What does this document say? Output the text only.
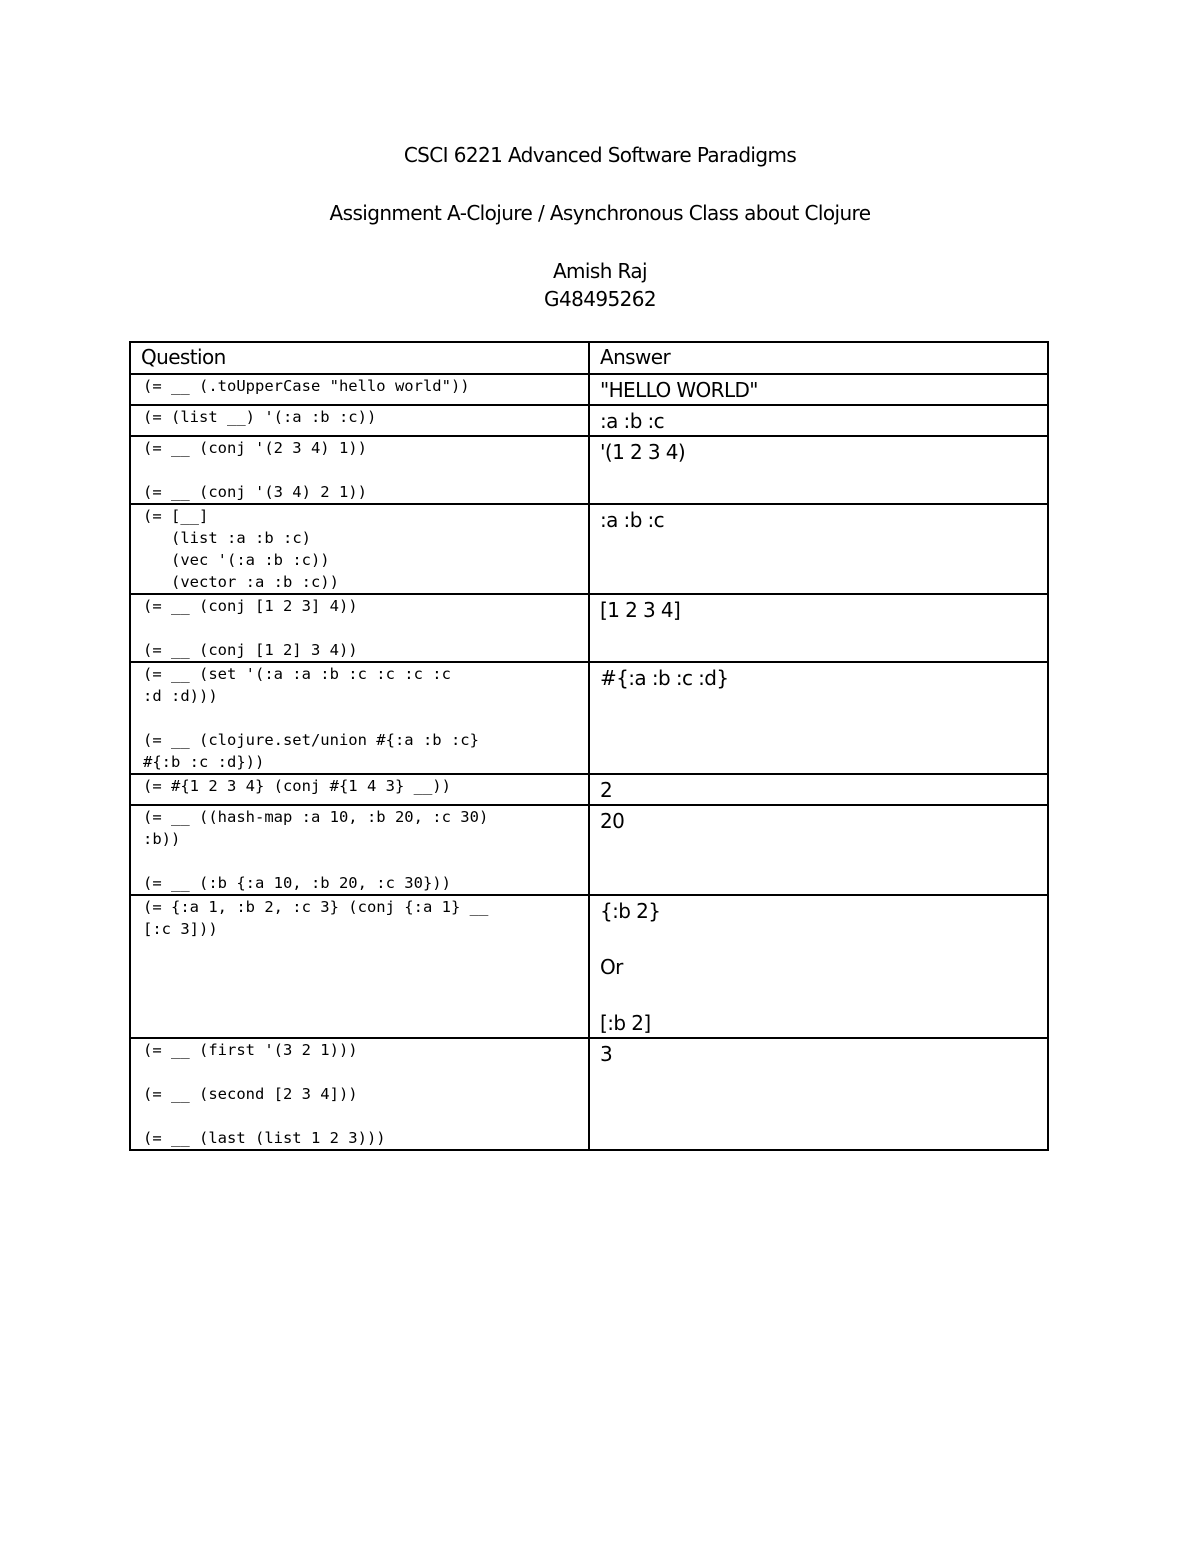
CSCI 6221 Advanced Software Paradigms
Assignment A-Clojure / Asynchronous Class about Clojure
Amish Raj
G48495262
Question	Answer

(= __ (.toUpperCase "hello world"))	"HELLO WORLD"

(= (list __) '(:a :b :c))	:a :b :c

(= __ (conj '(2 3 4) 1))
(= __ (conj '(3 4) 2 1))	'(1 2 3 4)

(= [__]
(list :a :b :c)
(vec '(:a :b :c))
(vector :a :b :c))	:a :b :c

(= __ (conj [1 2 3] 4))
(= __ (conj [1 2] 3 4))	[1 2 3 4]

(= __ (set '(:a :a :b :c :c :c :c
:d :d)))
(= __ (clojure.set/union #{:a :b :c}
#{:b :c :d}))	#{:a :b :c :d}

(= #{1 2 3 4} (conj #{1 4 3} __))	2

(= __ ((hash-map :a 10, :b 20, :c 30)
:b))
(= __ (:b {:a 10, :b 20, :c 30}))	20

(= {:a 1, :b 2, :c 3} (conj {:a 1} __
[:c 3]))	{:b 2}
Or
[:b 2]

(= __ (first '(3 2 1)))
(= __ (second [2 3 4]))
(= __ (last (list 1 2 3)))	3
